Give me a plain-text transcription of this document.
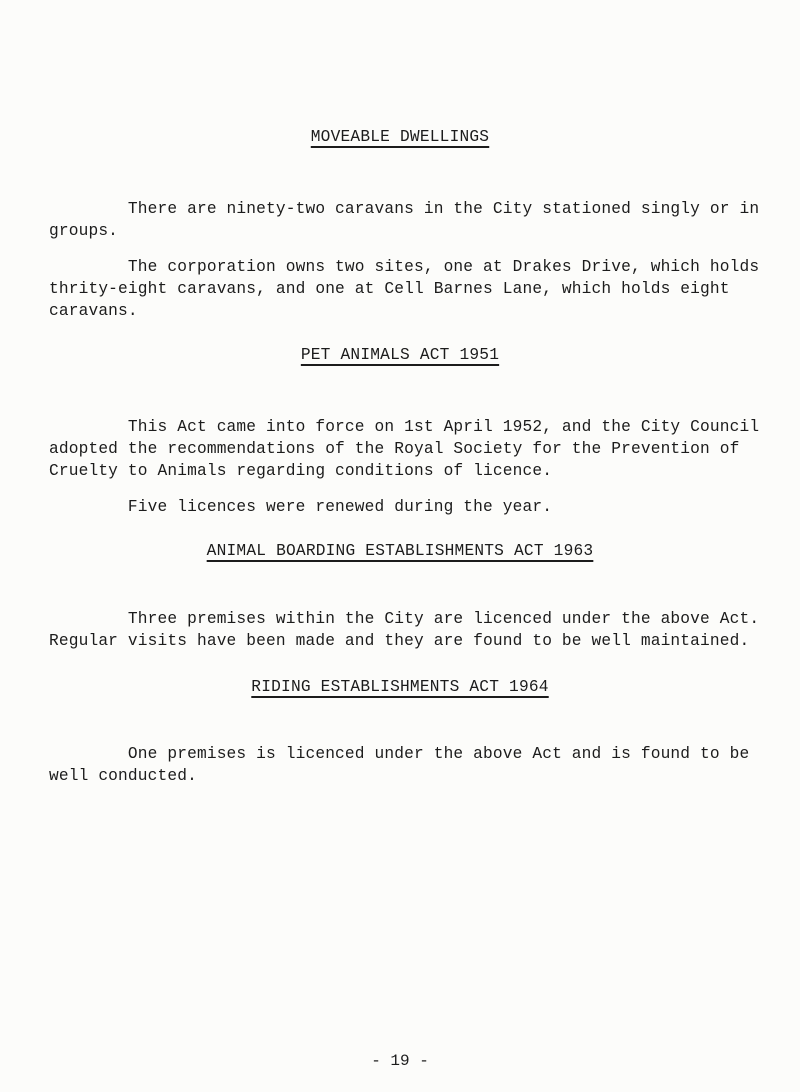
MOVEABLE DWELLINGS
There are ninety-two caravans in the City stationed singly or in
groups.
The corporation owns two sites, one at Drakes Drive, which holds
thrity-eight caravans, and one at Cell Barnes Lane, which holds eight
caravans.
PET ANIMALS ACT 1951
This Act came into force on 1st April 1952, and the City Council
adopted the recommendations of the Royal Society for the Prevention of
Cruelty to Animals regarding conditions of licence.
Five licences were renewed during the year.
ANIMAL BOARDING ESTABLISHMENTS ACT 1963
Three premises within the City are licenced under the above Act.
Regular visits have been made and they are found to be well maintained.
RIDING ESTABLISHMENTS ACT 1964
One premises is licenced under the above Act and is found to be
well conducted.
- 19 -
